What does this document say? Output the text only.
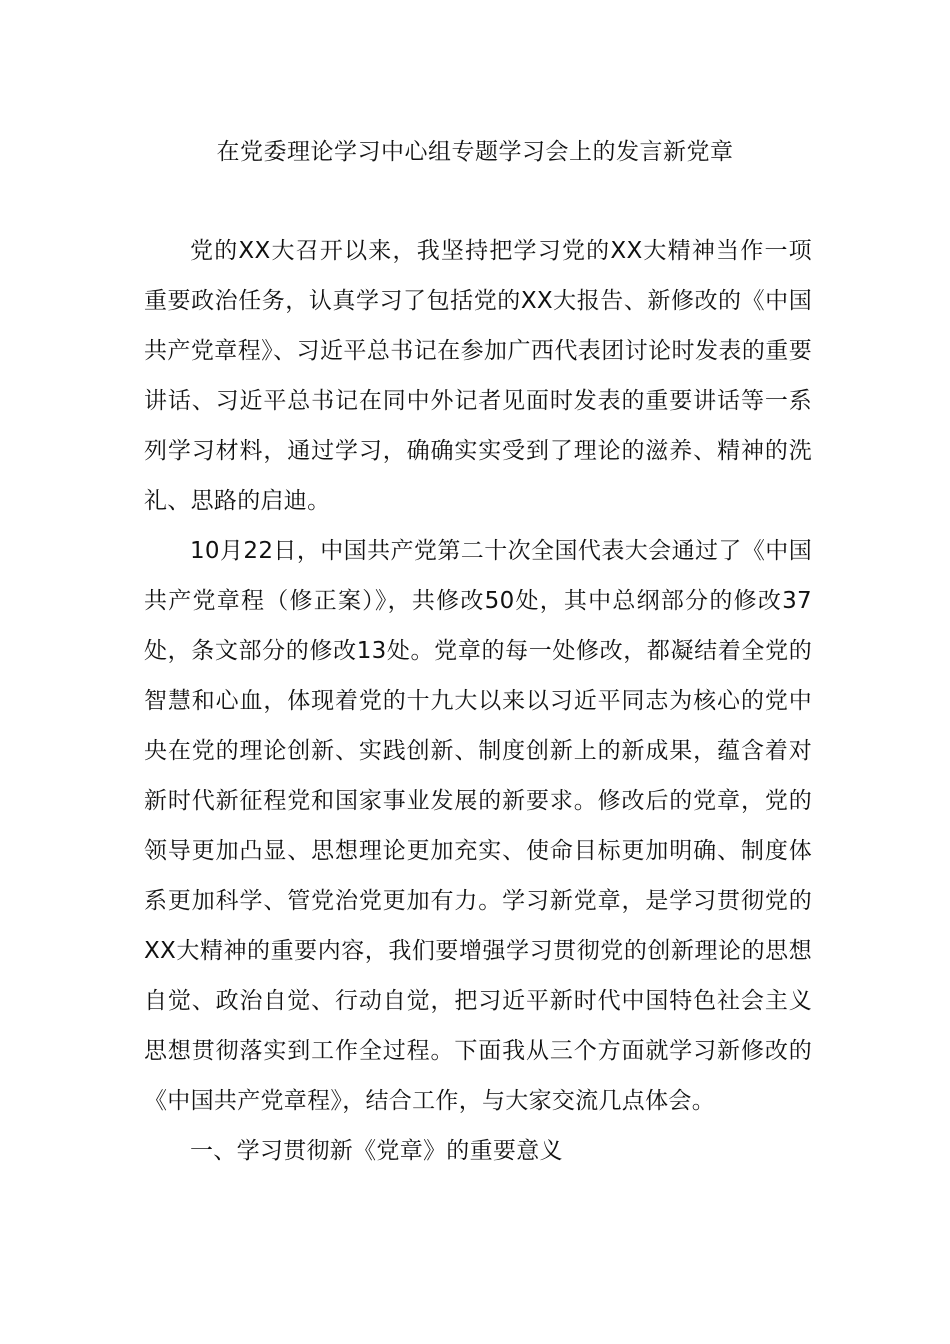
在党委理论学习中心组专题学习会上的发言新党章

党的XX大召开以来，我坚持把学习党的XX大精神当作一项重要政治任务，认真学习了包括党的XX大报告、新修改的《中国共产党章程》、习近平总书记在参加广西代表团讨论时发表的重要讲话、习近平总书记在同中外记者见面时发表的重要讲话等一系列学习材料，通过学习，确确实实受到了理论的滋养、精神的洗礼、思路的启迪。

10月22日，中国共产党第二十次全国代表大会通过了《中国共产党章程（修正案）》，共修改50处，其中总纲部分的修改37处，条文部分的修改13处。党章的每一处修改，都凝结着全党的智慧和心血，体现着党的十九大以来以习近平同志为核心的党中央在党的理论创新、实践创新、制度创新上的新成果，蕴含着对新时代新征程党和国家事业发展的新要求。修改后的党章，党的领导更加凸显、思想理论更加充实、使命目标更加明确、制度体系更加科学、管党治党更加有力。学习新党章，是学习贯彻党的XX大精神的重要内容，我们要增强学习贯彻党的创新理论的思想自觉、政治自觉、行动自觉，把习近平新时代中国特色社会主义思想贯彻落实到工作全过程。下面我从三个方面就学习新修改的《中国共产党章程》，结合工作，与大家交流几点体会。

一、学习贯彻新《党章》的重要意义
